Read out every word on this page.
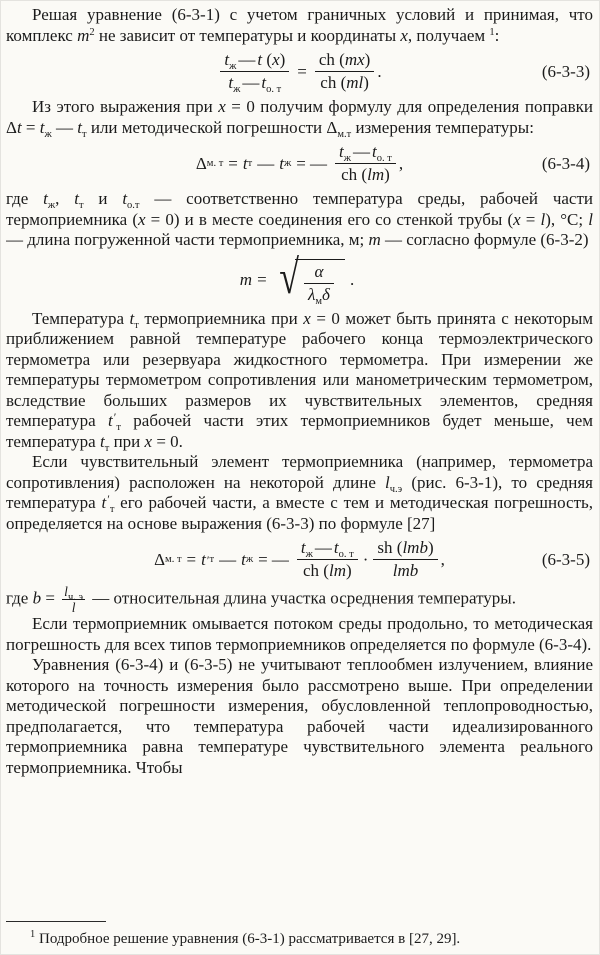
Решая уравнение (6-3-1) с учетом граничных условий и принимая, что комплекс $m^2$ не зависит от температуры и координаты x, получаем $^1$:

$\frac{t_ж — t (x)}{t_ж — t_{о. т}} = \frac{ch (mx)}{ch (ml)}$ .	(6-3-3)

Из этого выражения при x = 0 получим формулу для определения поправки $\Delta t = t_ж$ — $t_т$ или методической погрешности $\Delta_{м.т}$ измерения температуры:

Δ м. т = t т — t ж = — $\frac{t_ж — t_{о. т}}{ch (lm)}$ ,	(6-3-4)

где $t_ж$, $t_т$ и $t_{о.т}$ — соответственно температура среды, рабочей части термоприемника (x = 0) и в месте соединения его со стенкой трубы (x = l), °С; l — длина погруженной части термоприемника, м; m — согласно формуле (6-3-2)

m = √ $\frac{\alpha}{\lambda_м\delta}$ .

Температура $t_т$ термоприемника при x = 0 может быть принята с некоторым приближением равной температуре рабочего конца термоэлектрического термометра или резервуара жидкостного термометра. При измерении же температуры термометром сопротивления или манометрическим термометром, вследствие больших размеров их чувствительных элементов, средняя температура $t'_т$ рабочей части этих термоприемников будет меньше, чем температура $t_т$ при x = 0.

Если чувствительный элемент термоприемника (например, термометра сопротивления) расположен на некоторой длине $l_{ч.э}$ (рис. 6-3-1), то средняя температура $t'_т$ его рабочей части, а вместе с тем и методическая погрешность, определяется на основе выражения (6-3-3) по формуле [27]

Δ м. т = t ′ т — t ж = — $\frac{t_ж — t_{о. т}}{ch (lm)} \cdot \frac{\text{sh (lmb)}}{\text{lmb}}$ ,	(6-3-5)

где $b = l_{ч. э}$
l
— относительная длина участка осреднения температуры.

Если термоприемник омывается потоком среды продольно, то методическая погрешность для всех типов термоприемников определяется по формуле (6-3-4).

Уравнения (6-3-4) и (6-3-5) не учитывают теплообмен излучением, влияние которого на точность измерения было рассмотрено выше. При определении методической погрешности измерения, обусловленной теплопроводностью, предполагается, что температура рабочей части идеализированного термоприемника равна температуре чувствительного элемента реального термоприемника. Чтобы

$^1$ Подробное решение уравнения (6-3-1) рассматривается в [27, 29].
